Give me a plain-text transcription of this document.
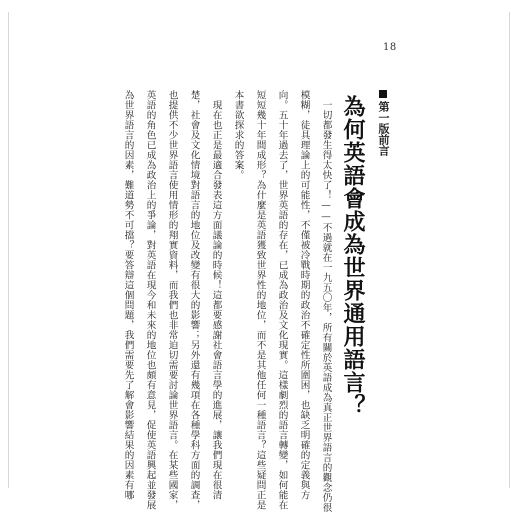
18
第一版前言
為何英語會成為世界通用語言？
一切都發生得太快了！——不過就在一九五〇年，所有關於英語成為真正世界語言的觀念仍很
模糊，徒具理論上的可能性，不僅被冷戰時期的政治不確定性所圍困，也缺乏明確的定義與方
向。五十年過去了，世界英語的存在，已成為政治及文化現實。這樣劇烈的語言轉變，如何能在
短短幾十年間成形？為什麼是英語獲致世界性的地位，而不是其他任何一種語言？這些疑問正是
本書欲探求的答案。
現在也正是最適合發表這方面議論的時候！這都要感謝社會語言學的進展，讓我們現在很清
楚，社會及文化情境對語言的地位及改變有很大的影響；另外還有幾項在各種學科方面的調查，
也提供不少世界語言使用情形的翔實資料，而我們也非常迫切需要討論世界語言。在某些國家，
英語的角色已成為政治上的爭論，對英語在現今和未來的地位也頗有意見，促使英語興起並發展
為世界語言的因素，難道勢不可擋？要答辯這個問題，我們需要先了解會影響結果的因素有哪
